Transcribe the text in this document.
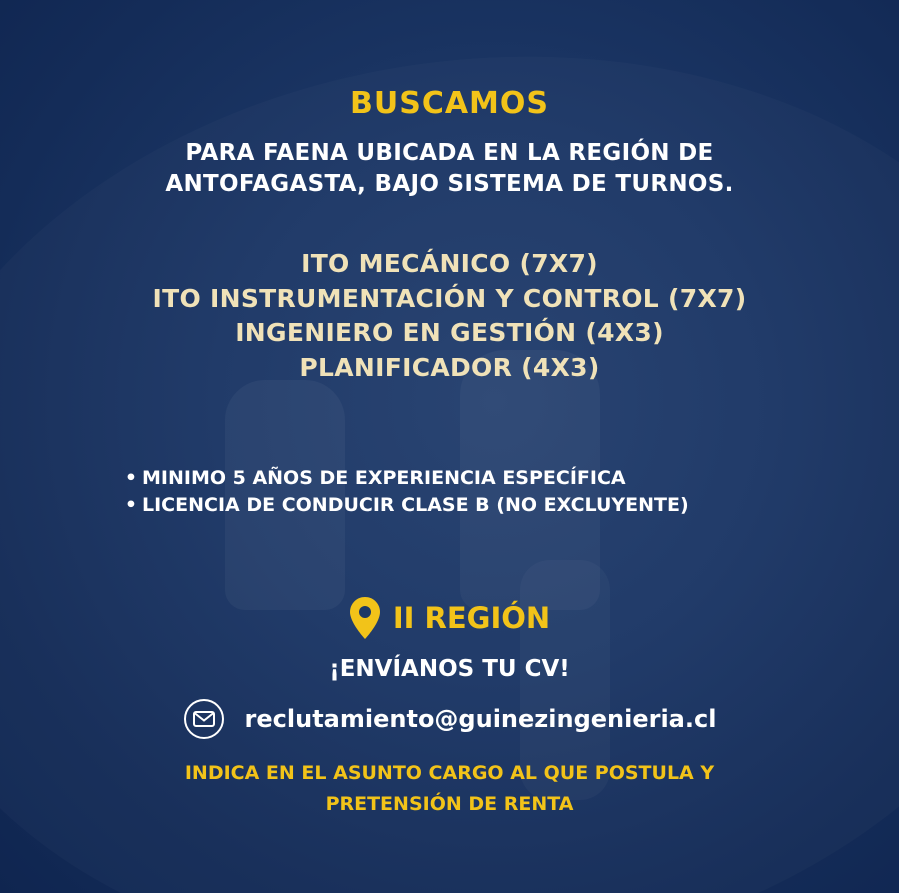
BUSCAMOS

PARA FAENA UBICADA EN LA REGIÓN DE
ANTOFAGASTA, BAJO SISTEMA DE TURNOS.

ITO MECÁNICO (7X7)
ITO INSTRUMENTACIÓN Y CONTROL (7X7)
INGENIERO EN GESTIÓN (4X3)
PLANIFICADOR (4X3)
• MINIMO 5 AÑOS DE EXPERIENCIA ESPECÍFICA
• LICENCIA DE CONDUCIR CLASE B (NO EXCLUYENTE)
II REGIÓN

¡ENVÍANOS TU CV!

reclutamiento@guinezingenieria.cl

INDICA EN EL ASUNTO CARGO AL QUE POSTULA Y
PRETENSIÓN DE RENTA
